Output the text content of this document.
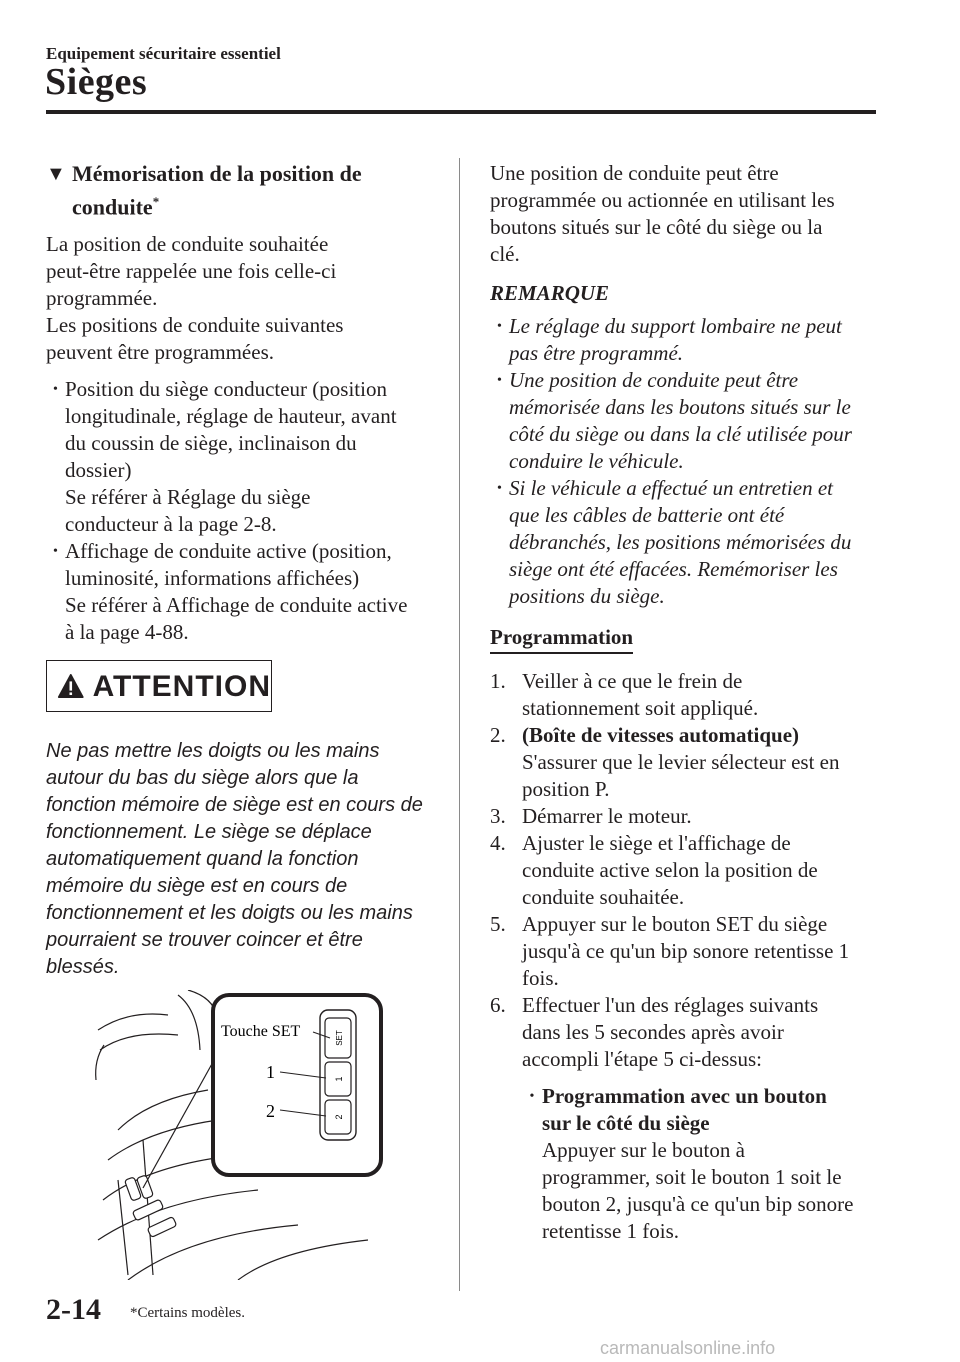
Equipement sécuritaire essentiel
Sièges
▼ Mémorisation de la position de
conduite*

La position de conduite souhaitée
peut-être rappelée une fois celle-ci
programmée.
Les positions de conduite suivantes
peuvent être programmées.

• Position du siège conducteur (position
longitudinale, réglage de hauteur, avant
du coussin de siège, inclinaison du
dossier)
Se référer à Réglage du siège
conducteur à la page 2-8.
• Affichage de conduite active (position,
luminosité, informations affichées)
Se référer à Affichage de conduite active
à la page 4-88.
ATTENTION
Ne pas mettre les doigts ou les mains
autour du bas du siège alors que la
fonction mémoire de siège est en cours de
fonctionnement. Le siège se déplace
automatiquement quand la fonction
mémoire du siège est en cours de
fonctionnement et les doigts ou les mains
pourraient se trouver coincer et être
blessés.
SET
1
2
Touche SET
1
2

Une position de conduite peut être
programmée ou actionnée en utilisant les
boutons situés sur le côté du siège ou la
clé.

REMARQUE
• Le réglage du support lombaire ne peut
pas être programmé.
• Une position de conduite peut être
mémorisée dans les boutons situés sur le
côté du siège ou dans la clé utilisée pour
conduire le véhicule.
• Si le véhicule a effectué un entretien et
que les câbles de batterie ont été
débranchés, les positions mémorisées du
siège ont été effacées. Remémoriser les
positions du siège.
Programmation
1. Veiller à ce que le frein de
stationnement soit appliqué.
2. (Boîte de vitesses automatique)
S'assurer que le levier sélecteur est en
position P.
3. Démarrer le moteur.
4. Ajuster le siège et l'affichage de
conduite active selon la position de
conduite souhaitée.
5. Appuyer sur le bouton SET du siège
jusqu'à ce qu'un bip sonore retentisse 1
fois.
6. Effectuer l'un des réglages suivants
dans les 5 secondes après avoir
accompli l'étape 5 ci-dessus:
• Programmation avec un bouton
sur le côté du siège
Appuyer sur le bouton à
programmer, soit le bouton 1 soit le
bouton 2, jusqu'à ce qu'un bip sonore
retentisse 1 fois.
2-14 *Certains modèles.
carmanualsonline.info
